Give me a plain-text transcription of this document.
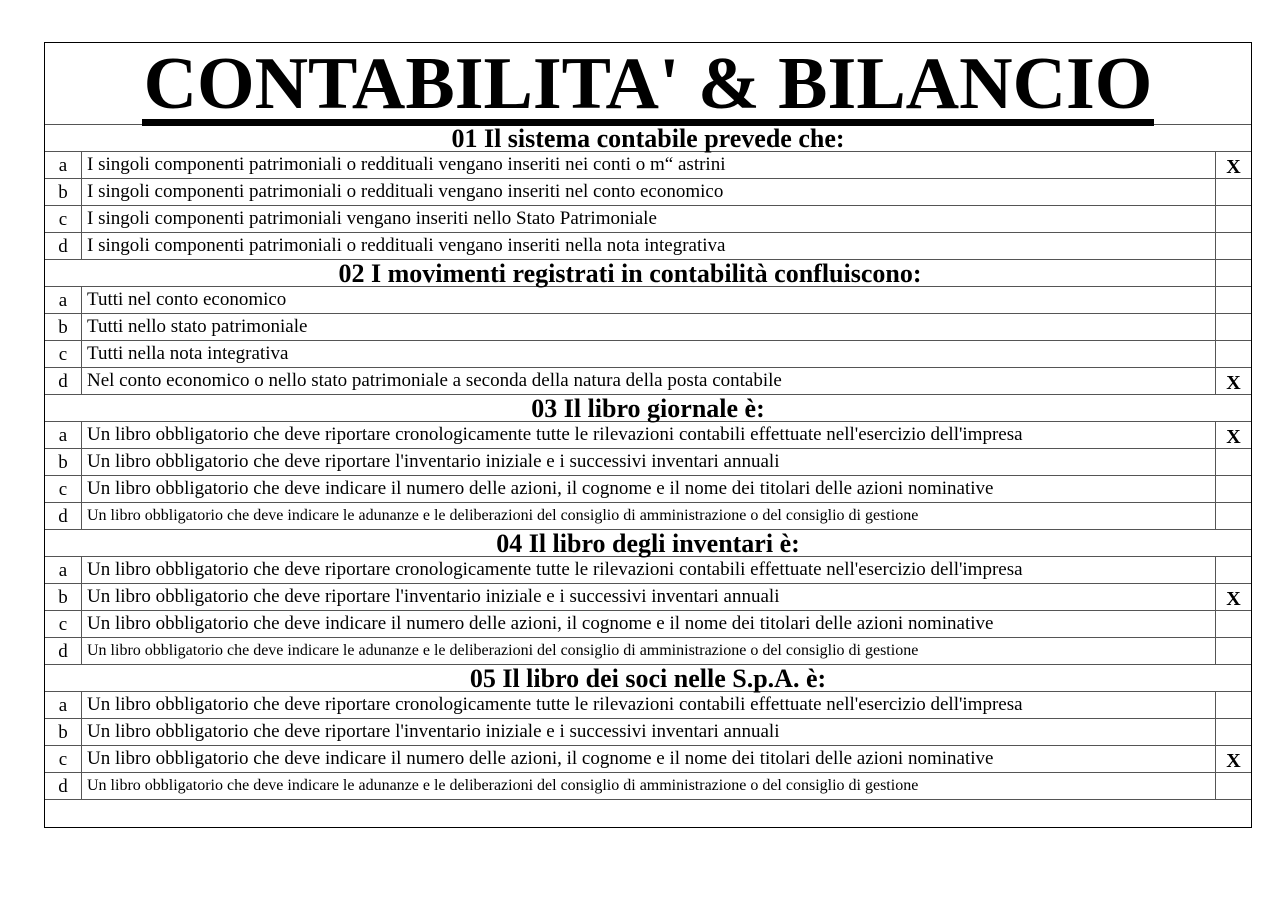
CONTABILITA' & BILANCIO
01 Il sistema contabile prevede che:
a	I singoli componenti patrimoniali o reddituali vengano inseriti nei conti o m“ astrini	X
b	I singoli componenti patrimoniali o reddituali vengano inseriti nel conto economico
c	I singoli componenti patrimoniali vengano inseriti nello Stato Patrimoniale
d	I singoli componenti patrimoniali o reddituali vengano inseriti nella nota integrativa
02 I movimenti registrati in contabilità confluiscono:
a	Tutti nel conto economico
b	Tutti nello stato patrimoniale
c	Tutti nella nota integrativa
d	Nel conto economico o nello stato patrimoniale a seconda della natura della posta contabile	X
03 Il libro giornale è:
a	Un libro obbligatorio che deve riportare cronologicamente tutte le rilevazioni contabili effettuate nell'esercizio dell'impresa	X
b	Un libro obbligatorio che deve riportare l'inventario iniziale e i successivi inventari annuali
c	Un libro obbligatorio che deve indicare il numero delle azioni, il cognome e il nome dei titolari delle azioni nominative
d	Un libro obbligatorio che deve indicare le adunanze e le deliberazioni del consiglio di amministrazione o del consiglio di gestione
04 Il libro degli inventari è:
a	Un libro obbligatorio che deve riportare cronologicamente tutte le rilevazioni contabili effettuate nell'esercizio dell'impresa
b	Un libro obbligatorio che deve riportare l'inventario iniziale e i successivi inventari annuali	X
c	Un libro obbligatorio che deve indicare il numero delle azioni, il cognome e il nome dei titolari delle azioni nominative
d	Un libro obbligatorio che deve indicare le adunanze e le deliberazioni del consiglio di amministrazione o del consiglio di gestione
05 Il libro dei soci nelle S.p.A. è:
a	Un libro obbligatorio che deve riportare cronologicamente tutte le rilevazioni contabili effettuate nell'esercizio dell'impresa
b	Un libro obbligatorio che deve riportare l'inventario iniziale e i successivi inventari annuali
c	Un libro obbligatorio che deve indicare il numero delle azioni, il cognome e il nome dei titolari delle azioni nominative	X
d	Un libro obbligatorio che deve indicare le adunanze e le deliberazioni del consiglio di amministrazione o del consiglio di gestione
